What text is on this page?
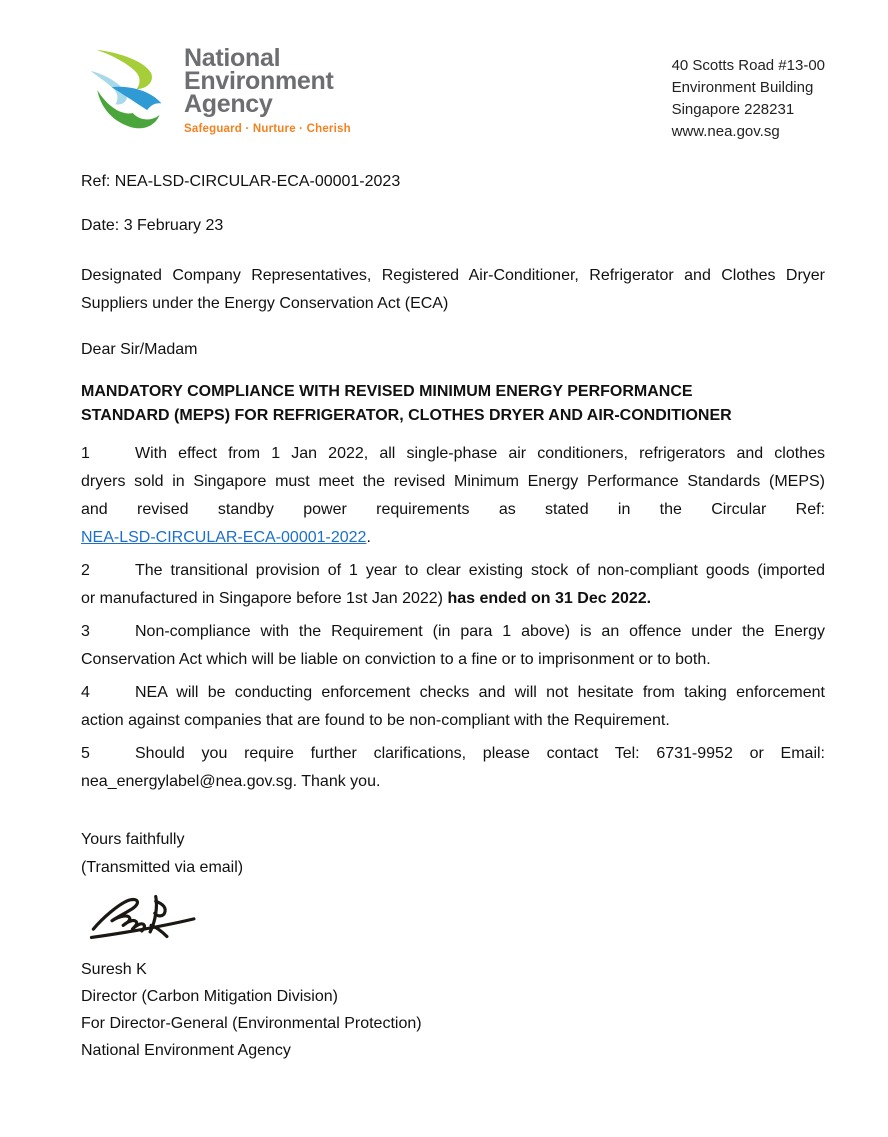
National
Environment
Agency
Safeguard · Nurture · Cherish
40 Scotts Road #13-00
Environment Building
Singapore 228231
www.nea.gov.sg
Ref: NEA-LSD-CIRCULAR-ECA-00001-2023
Date: 3 February 23
Designated Company Representatives, Registered Air-Conditioner, Refrigerator and Clothes Dryer
Suppliers under the Energy Conservation Act (ECA)
Dear Sir/Madam
MANDATORY COMPLIANCE WITH REVISED MINIMUM ENERGY PERFORMANCE
STANDARD (MEPS) FOR REFRIGERATOR, CLOTHES DRYER AND AIR-CONDITIONER
1	With effect from 1 Jan 2022, all single-phase air conditioners, refrigerators and clothes
dryers sold in Singapore must meet the revised Minimum Energy Performance Standards (MEPS)
and revised standby power requirements as stated in the Circular Ref:
NEA-LSD-CIRCULAR-ECA-00001-2022.
2	The transitional provision of 1 year to clear existing stock of non-compliant goods (imported
or manufactured in Singapore before 1st Jan 2022) has ended on 31 Dec 2022.
3	Non-compliance with the Requirement (in para 1 above) is an offence under the Energy
Conservation Act which will be liable on conviction to a fine or to imprisonment or to both.
4	NEA will be conducting enforcement checks and will not hesitate from taking enforcement
action against companies that are found to be non-compliant with the Requirement.
5	Should you require further clarifications, please contact Tel: 6731-9952 or Email:
nea_energylabel@nea.gov.sg. Thank you.
Yours faithfully
(Transmitted via email)
Suresh K
Director (Carbon Mitigation Division)
For Director-General (Environmental Protection)
National Environment Agency
